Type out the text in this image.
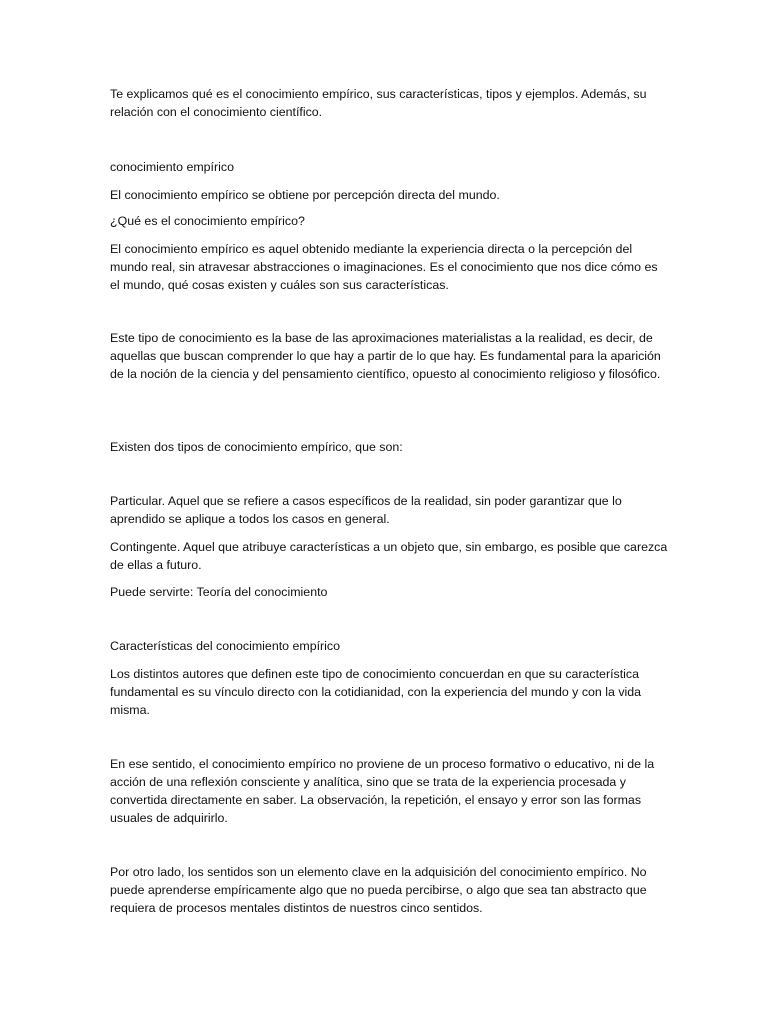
Te explicamos qué es el conocimiento empírico, sus características, tipos y ejemplos. Además, su relación con el conocimiento científico.

conocimiento empírico

El conocimiento empírico se obtiene por percepción directa del mundo.

¿Qué es el conocimiento empírico?

El conocimiento empírico es aquel obtenido mediante la experiencia directa o la percepción del mundo real, sin atravesar abstracciones o imaginaciones. Es el conocimiento que nos dice cómo es el mundo, qué cosas existen y cuáles son sus características.

Este tipo de conocimiento es la base de las aproximaciones materialistas a la realidad, es decir, de aquellas que buscan comprender lo que hay a partir de lo que hay. Es fundamental para la aparición de la noción de la ciencia y del pensamiento científico, opuesto al conocimiento religioso y filosófico.

Existen dos tipos de conocimiento empírico, que son:

Particular. Aquel que se refiere a casos específicos de la realidad, sin poder garantizar que lo aprendido se aplique a todos los casos en general.

Contingente. Aquel que atribuye características a un objeto que, sin embargo, es posible que carezca de ellas a futuro.

Puede servirte: Teoría del conocimiento

Características del conocimiento empírico

Los distintos autores que definen este tipo de conocimiento concuerdan en que su característica fundamental es su vínculo directo con la cotidianidad, con la experiencia del mundo y con la vida misma.

En ese sentido, el conocimiento empírico no proviene de un proceso formativo o educativo, ni de la acción de una reflexión consciente y analítica, sino que se trata de la experiencia procesada y convertida directamente en saber. La observación, la repetición, el ensayo y error son las formas usuales de adquirirlo.

Por otro lado, los sentidos son un elemento clave en la adquisición del conocimiento empírico. No puede aprenderse empíricamente algo que no pueda percibirse, o algo que sea tan abstracto que requiera de procesos mentales distintos de nuestros cinco sentidos.
